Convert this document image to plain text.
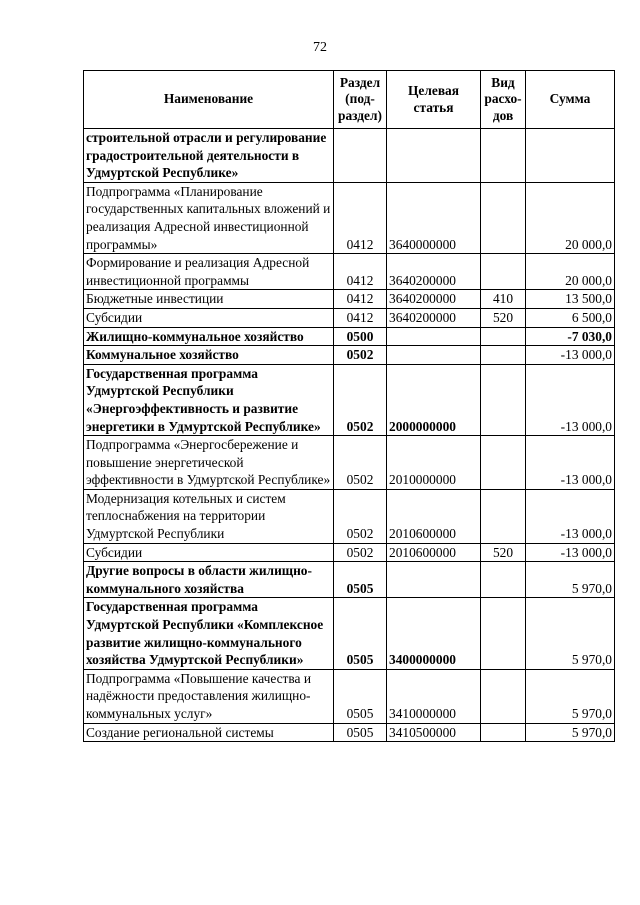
72
Наименование	Раздел (под-раздел)	Целевая статья	Вид расхо-дов	Сумма
строительной отрасли и регулирование градостроительной деятельности в Удмуртской Республике»				
Подпрограмма «Планирование государственных капитальных вложений и реализация Адресной инвестиционной программы»	0412	3640000000		20 000,0
Формирование и реализация Адресной инвестиционной программы	0412	3640200000		20 000,0
Бюджетные инвестиции	0412	3640200000	410	13 500,0
Субсидии	0412	3640200000	520	6 500,0
Жилищно-коммунальное хозяйство	0500			-7 030,0
Коммунальное хозяйство	0502			-13 000,0
Государственная программа Удмуртской Республики «Энергоэффективность и развитие энергетики в Удмуртской Республике»	0502	2000000000		-13 000,0
Подпрограмма «Энергосбережение и повышение энергетической эффективности в Удмуртской Республике»	0502	2010000000		-13 000,0
Модернизация котельных и систем теплоснабжения на территории Удмуртской Республики	0502	2010600000		-13 000,0
Субсидии	0502	2010600000	520	-13 000,0
Другие вопросы в области жилищно-коммунального хозяйства	0505			5 970,0
Государственная программа Удмуртской Республики «Комплексное развитие жилищно-коммунального хозяйства Удмуртской Республики»	0505	3400000000		5 970,0
Подпрограмма «Повышение качества и надёжности предоставления жилищно-коммунальных услуг»	0505	3410000000		5 970,0
Создание региональной системы	0505	3410500000		5 970,0
